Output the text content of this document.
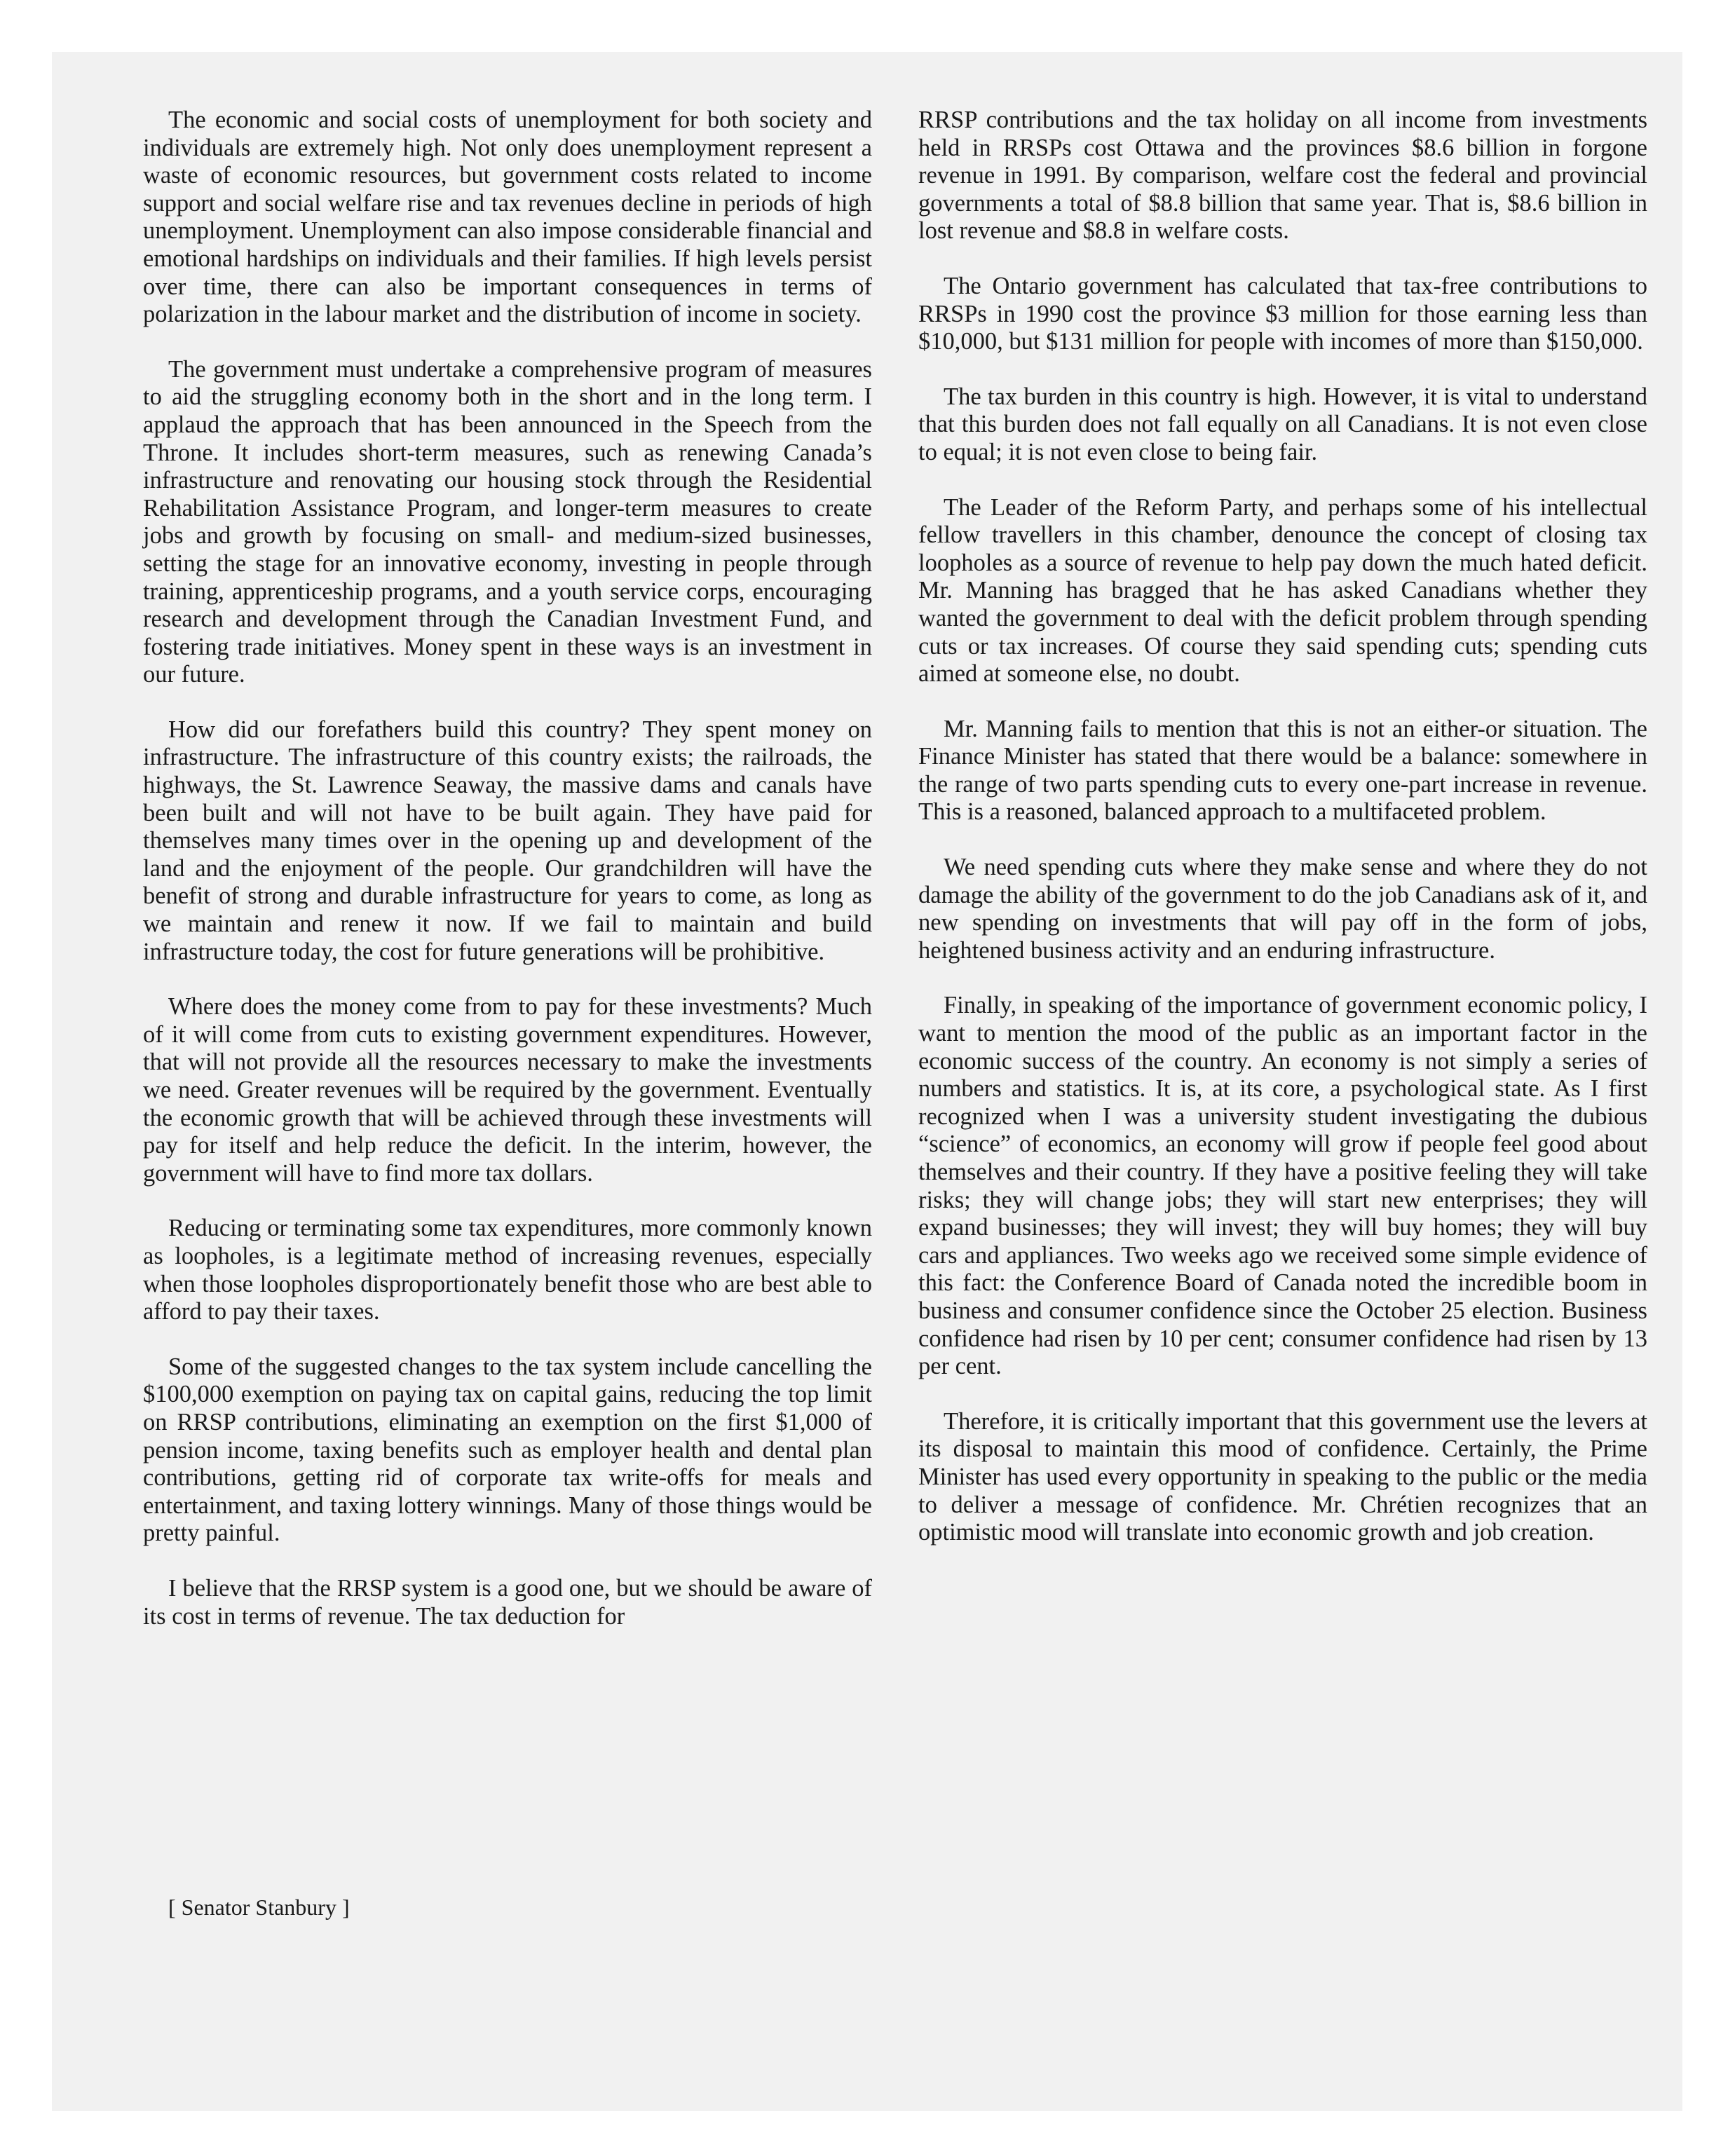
The economic and social costs of unemployment for both society and individuals are extremely high. Not only does unemployment represent a waste of economic resources, but government costs related to income support and social welfare rise and tax revenues decline in periods of high unemployment. Unemployment can also impose considerable financial and emotional hardships on individuals and their families. If high levels persist over time, there can also be important consequences in terms of polarization in the labour market and the distribution of income in society.

The government must undertake a comprehensive program of measures to aid the struggling economy both in the short and in the long term. I applaud the approach that has been announced in the Speech from the Throne. It includes short-term measures, such as renewing Canada’s infrastructure and renovating our housing stock through the Residential Rehabilitation Assistance Program, and longer-term measures to create jobs and growth by focusing on small- and medium-sized businesses, setting the stage for an innovative economy, investing in people through training, apprenticeship programs, and a youth service corps, encouraging research and development through the Canadian Investment Fund, and fostering trade initiatives. Money spent in these ways is an investment in our future.

How did our forefathers build this country? They spent money on infrastructure. The infrastructure of this country exists; the railroads, the highways, the St. Lawrence Seaway, the massive dams and canals have been built and will not have to be built again. They have paid for themselves many times over in the opening up and development of the land and the enjoyment of the people. Our grandchildren will have the benefit of strong and durable infrastructure for years to come, as long as we maintain and renew it now. If we fail to maintain and build infrastructure today, the cost for future generations will be prohibitive.

Where does the money come from to pay for these investments? Much of it will come from cuts to existing government expenditures. However, that will not provide all the resources necessary to make the investments we need. Greater revenues will be required by the government. Eventually the economic growth that will be achieved through these investments will pay for itself and help reduce the deficit. In the interim, however, the government will have to find more tax dollars.

Reducing or terminating some tax expenditures, more commonly known as loopholes, is a legitimate method of increasing revenues, especially when those loopholes disproportionately benefit those who are best able to afford to pay their taxes.

Some of the suggested changes to the tax system include cancelling the $100,000 exemption on paying tax on capital gains, reducing the top limit on RRSP contributions, eliminating an exemption on the first $1,000 of pension income, taxing benefits such as employer health and dental plan contributions, getting rid of corporate tax write-offs for meals and entertainment, and taxing lottery winnings. Many of those things would be pretty painful.

I believe that the RRSP system is a good one, but we should be aware of its cost in terms of revenue. The tax deduction for

RRSP contributions and the tax holiday on all income from investments held in RRSPs cost Ottawa and the provinces $8.6 billion in forgone revenue in 1991. By comparison, welfare cost the federal and provincial governments a total of $8.8 billion that same year. That is, $8.6 billion in lost revenue and $8.8 in welfare costs.

The Ontario government has calculated that tax-free contributions to RRSPs in 1990 cost the province $3 million for those earning less than $10,000, but $131 million for people with incomes of more than $150,000.

The tax burden in this country is high. However, it is vital to understand that this burden does not fall equally on all Canadians. It is not even close to equal; it is not even close to being fair.

The Leader of the Reform Party, and perhaps some of his intellectual fellow travellers in this chamber, denounce the concept of closing tax loopholes as a source of revenue to help pay down the much hated deficit. Mr. Manning has bragged that he has asked Canadians whether they wanted the government to deal with the deficit problem through spending cuts or tax increases. Of course they said spending cuts; spending cuts aimed at someone else, no doubt.

Mr. Manning fails to mention that this is not an either-or situation. The Finance Minister has stated that there would be a balance: somewhere in the range of two parts spending cuts to every one-part increase in revenue. This is a reasoned, balanced approach to a multifaceted problem.

We need spending cuts where they make sense and where they do not damage the ability of the government to do the job Canadians ask of it, and new spending on investments that will pay off in the form of jobs, heightened business activity and an enduring infrastructure.

Finally, in speaking of the importance of government economic policy, I want to mention the mood of the public as an important factor in the economic success of the country. An economy is not simply a series of numbers and statistics. It is, at its core, a psychological state. As I first recognized when I was a university student investigating the dubious “science” of economics, an economy will grow if people feel good about themselves and their country. If they have a positive feeling they will take risks; they will change jobs; they will start new enterprises; they will expand businesses; they will invest; they will buy homes; they will buy cars and appliances. Two weeks ago we received some simple evidence of this fact: the Conference Board of Canada noted the incredible boom in business and consumer confidence since the October 25 election. Business confidence had risen by 10 per cent; consumer confidence had risen by 13 per cent.

Therefore, it is critically important that this government use the levers at its disposal to maintain this mood of confidence. Certainly, the Prime Minister has used every opportunity in speaking to the public or the media to deliver a message of confidence. Mr. Chrétien recognizes that an optimistic mood will translate into economic growth and job creation.

[ Senator Stanbury ]
